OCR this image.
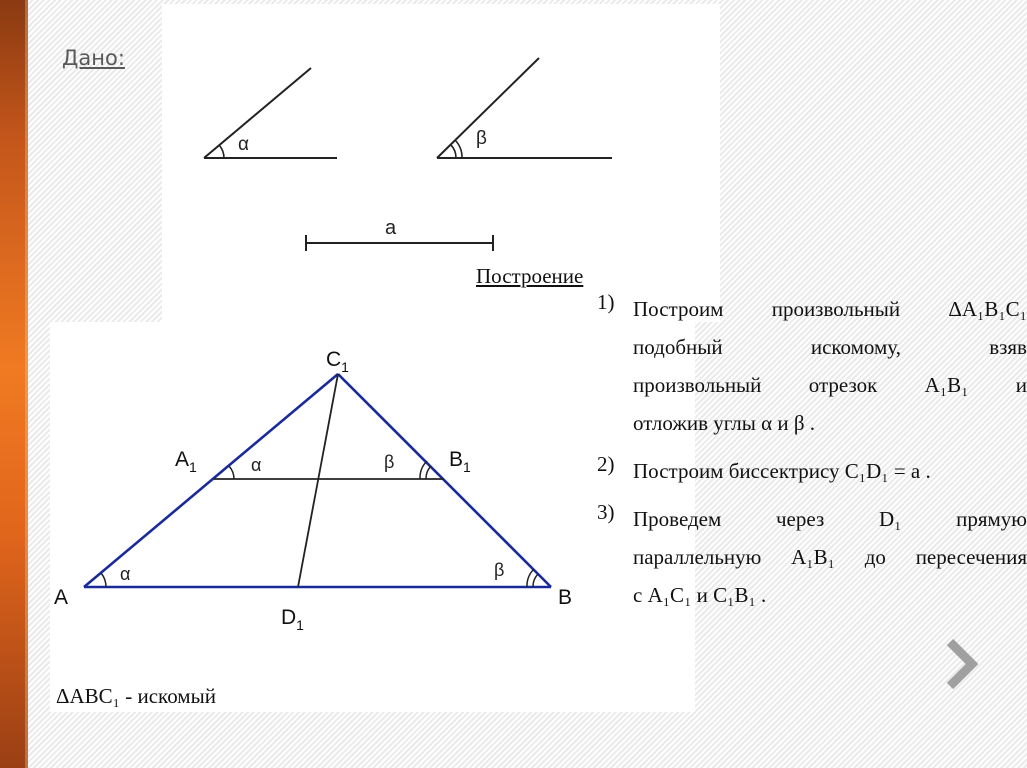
Дано:
α	β
a
Построение
α
α	β
β
$C_1$
$A_1$	$B_1$
A	B
$D_1$
1) Построим произвольный ΔA₁B₁C₁
подобный	искомому,	взяв
произвольный отрезок A₁B₁ и
отложив углы α и β .
2) Построим биссектрису C₁D₁ = a .
3) Проведем	через	D₁	прямую
параллельную A₁B₁ до пересечения
с A₁C₁ и C₁B₁ .
ΔABC₁ - искомый
